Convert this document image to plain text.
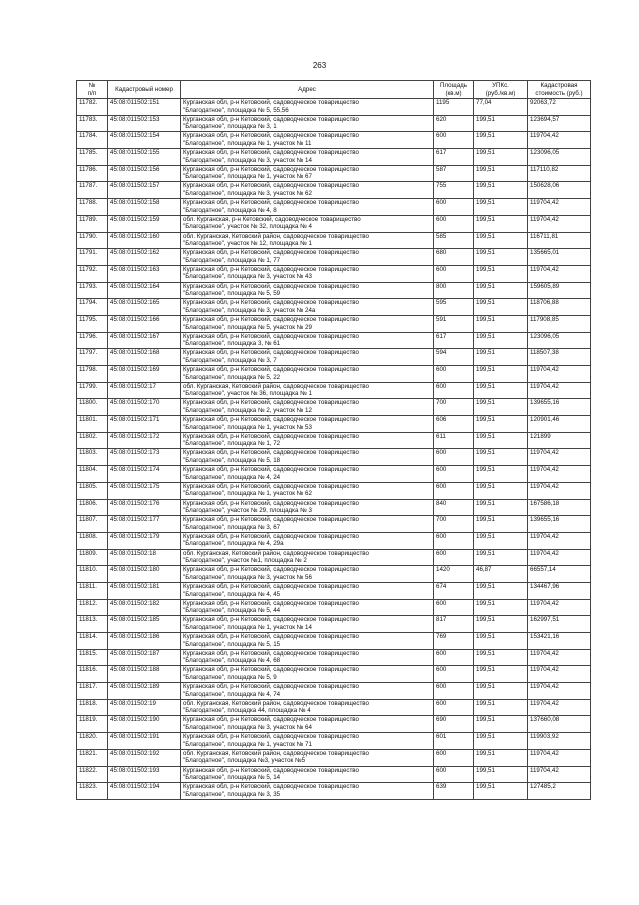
263
№
п/п	Кадастровый номер	Адрес	Площадь
(кв.м)	УПКс.
(руб./кв.м)	Кадастровая
стоимость (руб.)
11782.	45:08:011502:151	Курганская обл, р-н Кетовский, садоводческое товарищество
"Благодатное", площадка № 5, 55,56	1195	77,04	92063,72
11783.	45:08:011502:153	Курганская обл, р-н Кетовский, садоводческое товарищество
"Благодатное", площадка № 3, 1	620	199,51	123694,57
11784.	45:08:011502:154	Курганская обл, р-н Кетовский, садоводческое товарищество
"Благодатное", площадка № 1, участок № 11	600	199,51	119704,42
11785.	45:08:011502:155	Курганская обл, р-н Кетовский, садоводческое товарищество
"Благодатное", площадка № 3, участок № 14	617	199,51	123096,05
11786.	45:08:011502:156	Курганская обл, р-н Кетовский, садоводческое товарищество
"Благодатное", площадка № 1, участок № 67	587	199,51	117110,82
11787.	45:08:011502:157	Курганская обл, р-н Кетовский, садоводческое товарищество
"Благодатное", площадка № 3, участок № 62	755	199,51	150628,06
11788.	45:08:011502:158	Курганская обл, р-н Кетовский, садоводческое товарищество
"Благодатное", площадка № 4, 8	600	199,51	119704,42
11789.	45:08:011502:159	обл. Курганская, р-н Кетовский, садоводческое товарищество
"Благодатное", участок № 32, площадка № 4	600	199,51	119704,42
11790.	45:08:011502:160	обл. Курганская, Кетовский район, садоводческое товарищество
"Благодатное", участок № 12, площадка № 1	585	199,51	116711,81
11791.	45:08:011502:162	Курганская обл, р-н Кетовский, садоводческое товарищество
"Благодатное", площадка № 1, 77	680	199,51	135665,01
11792.	45:08:011502:163	Курганская обл, р-н Кетовский, садоводческое товарищество
"Благодатное", площадка № 3, участок № 43	600	199,51	119704,42
11793.	45:08:011502:164	Курганская обл, р-н Кетовский, садоводческое товарищество
"Благодатное", площадка № 5, 59	800	199,51	159605,89
11794.	45:08:011502:165	Курганская обл, р-н Кетовский, садоводческое товарищество
"Благодатное", площадка № 3, участок № 24а	595	199,51	118706,88
11795.	45:08:011502:166	Курганская обл, р-н Кетовский, садоводческое товарищество
"Благодатное", площадка № 5, участок № 29	591	199,51	117908,85
11796.	45:08:011502:167	Курганская обл, р-н Кетовский, садоводческое товарищество
"Благодатное", площадка 3, № 61	617	199,51	123096,05
11797.	45:08:011502:168	Курганская обл, р-н Кетовский, садоводческое товарищество
"Благодатное", площадка № 3, 7	594	199,51	118507,38
11798.	45:08:011502:169	Курганская обл, р-н Кетовский, садоводческое товарищество
"Благодатное", площадка № 5, 22	600	199,51	119704,42
11799.	45:08:011502:17	обл. Курганская, Кетовский район, садоводческое товарищество
"Благодатное", участок № 36, площадка № 1	600	199,51	119704,42
11800.	45:08:011502:170	Курганская обл, р-н Кетовский, садоводческое товарищество
"Благодатное", площадка № 2, участок № 12	700	199,51	139655,16
11801.	45:08:011502:171	Курганская обл, р-н Кетовский, садоводческое товарищество
"Благодатное", площадка № 1, участок № 53	606	199,51	120901,46
11802.	45:08:011502:172	Курганская обл, р-н Кетовский, садоводческое товарищество
"Благодатное", площадка № 1, 72	611	199,51	121899
11803.	45:08:011502:173	Курганская обл, р-н Кетовский, садоводческое товарищество
"Благодатное", площадка № 5, 18	600	199,51	119704,42
11804.	45:08:011502:174	Курганская обл, р-н Кетовский, садоводческое товарищество
"Благодатное", площадка № 4, 24	600	199,51	119704,42
11805.	45:08:011502:175	Курганская обл, р-н Кетовский, садоводческое товарищество
"Благодатное", площадка № 1, участок № 62	600	199,51	119704,42
11806.	45:08:011502:176	Курганская обл, р-н Кетовский, садоводческое товарищество
"Благодатное", участок № 29, площадка № 3	840	199,51	167586,18
11807.	45:08:011502:177	Курганская обл, р-н Кетовский, садоводческое товарищество
"Благодатное", площадка № 3, 67	700	199,51	139655,16
11808.	45:08:011502:179	Курганская обл, р-н Кетовский, садоводческое товарищество
"Благодатное", площадка № 4, 29а	600	199,51	119704,42
11809.	45:08:011502:18	обл. Курганская, Кетовский район, садоводческое товарищество
"Благодатное", участок №1, площадка № 2	600	199,51	119704,42
11810.	45:08:011502:180	Курганская обл, р-н Кетовский, садоводческое товарищество
"Благодатное", площадка № 3, участок № 56	1420	46,87	66557,14
11811.	45:08:011502:181	Курганская обл, р-н Кетовский, садоводческое товарищество
"Благодатное", площадка № 4, 45	674	199,51	134467,96
11812.	45:08:011502:182	Курганская обл, р-н Кетовский, садоводческое товарищество
"Благодатное", площадка № 5, 44	600	199,51	119704,42
11813.	45:08:011502:185	Курганская обл, р-н Кетовский, садоводческое товарищество
"Благодатное", площадка № 1, участок № 14	817	199,51	162997,51
11814.	45:08:011502:186	Курганская обл, р-н Кетовский, садоводческое товарищество
"Благодатное", площадка № 5, 15	769	199,51	153421,16
11815.	45:08:011502:187	Курганская обл, р-н Кетовский, садоводческое товарищество
"Благодатное", площадка № 4, 68	600	199,51	119704,42
11816.	45:08:011502:188	Курганская обл, р-н Кетовский, садоводческое товарищество
"Благодатное", площадка № 5, 9	600	199,51	119704,42
11817.	45:08:011502:189	Курганская обл, р-н Кетовский, садоводческое товарищество
"Благодатное", площадка № 4, 74	600	199,51	119704,42
11818.	45:08:011502:19	обл. Курганская, Кетовский район, садоводческое товарищество
"Благодатное", площадка 44, площадка № 4	600	199,51	119704,42
11819.	45:08:011502:190	Курганская обл, р-н Кетовский, садоводческое товарищество
"Благодатное", площадка № 3, участок № 64	690	199,51	137660,08
11820.	45:08:011502:191	Курганская обл, р-н Кетовский, садоводческое товарищество
"Благодатное", площадка № 1, участок № 71	601	199,51	119903,92
11821.	45:08:011502:192	обл. Курганская, Кетовский район, садоводческое товарищество
"Благодатное", площадка №3, участок №5	600	199,51	119704,42
11822.	45:08:011502:193	Курганская обл, р-н Кетовский, садоводческое товарищество
"Благодатное", площадка № 5, 14	600	199,51	119704,42
11823.	45:08:011502:194	Курганская обл, р-н Кетовский, садоводческое товарищество
"Благодатное", площадка № 3, 35	639	199,51	127485,2
